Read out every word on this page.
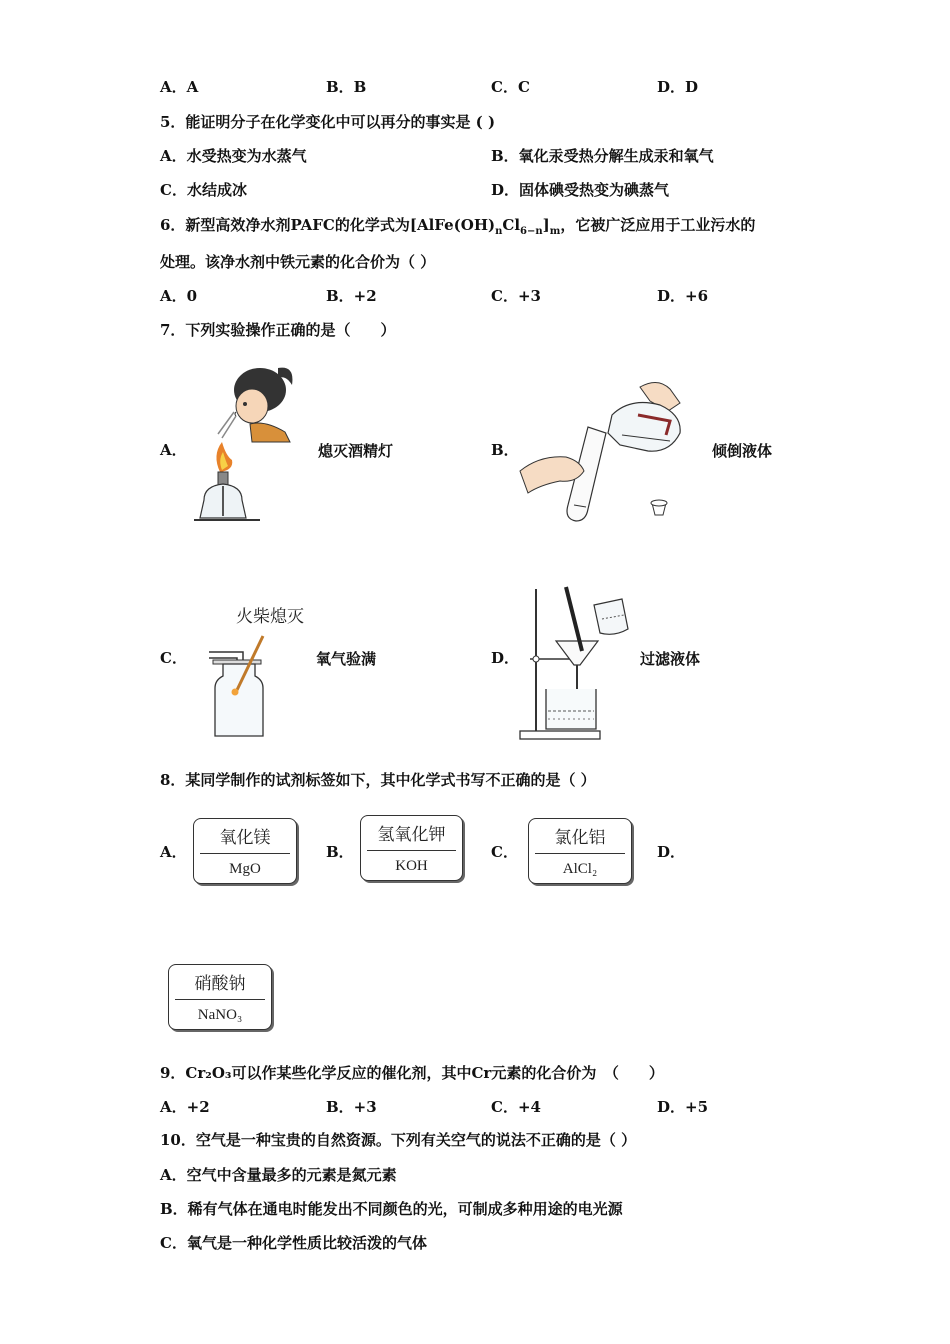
A．A	B．B	C．C	D．D
5．能证明分子在化学变化中可以再分的事实是 ( )
A．水受热变为水蒸气	B．氧化汞受热分解生成汞和氧气
C．水结成冰	D．固体碘受热变为碘蒸气
6．新型高效净水剂PAFC的化学式为$[AlFe(OH)_nCl_{6-n}]_m$，它被广泛应用于工业污水的
处理。该净水剂中铁元素的化合价为（ ）
A．0	B．+2	C．+3	D．+6
7．下列实验操作正确的是（　　）
A．	熄灭酒精灯	B．	倾倒液体
C．
火柴熄灭
氧气验满	D．	过滤液体
8．某同学制作的试剂标签如下，其中化学式书写不正确的是（ ）
A．
氧化镁
MgO
B．
氢氧化钾
KOH
C．
氯化铝
AlCl₂
D．
硝酸钠
NaNO₃
9．Cr₂O₃可以作某些化学反应的催化剂，其中Cr元素的化合价为　（　　）
A．+2	B．+3	C．+4	D．+5
10．空气是一种宝贵的自然资源。下列有关空气的说法不正确的是（ ）
A．空气中含量最多的元素是氮元素
B．稀有气体在通电时能发出不同颜色的光，可制成多种用途的电光源
C．氧气是一种化学性质比较活泼的气体
